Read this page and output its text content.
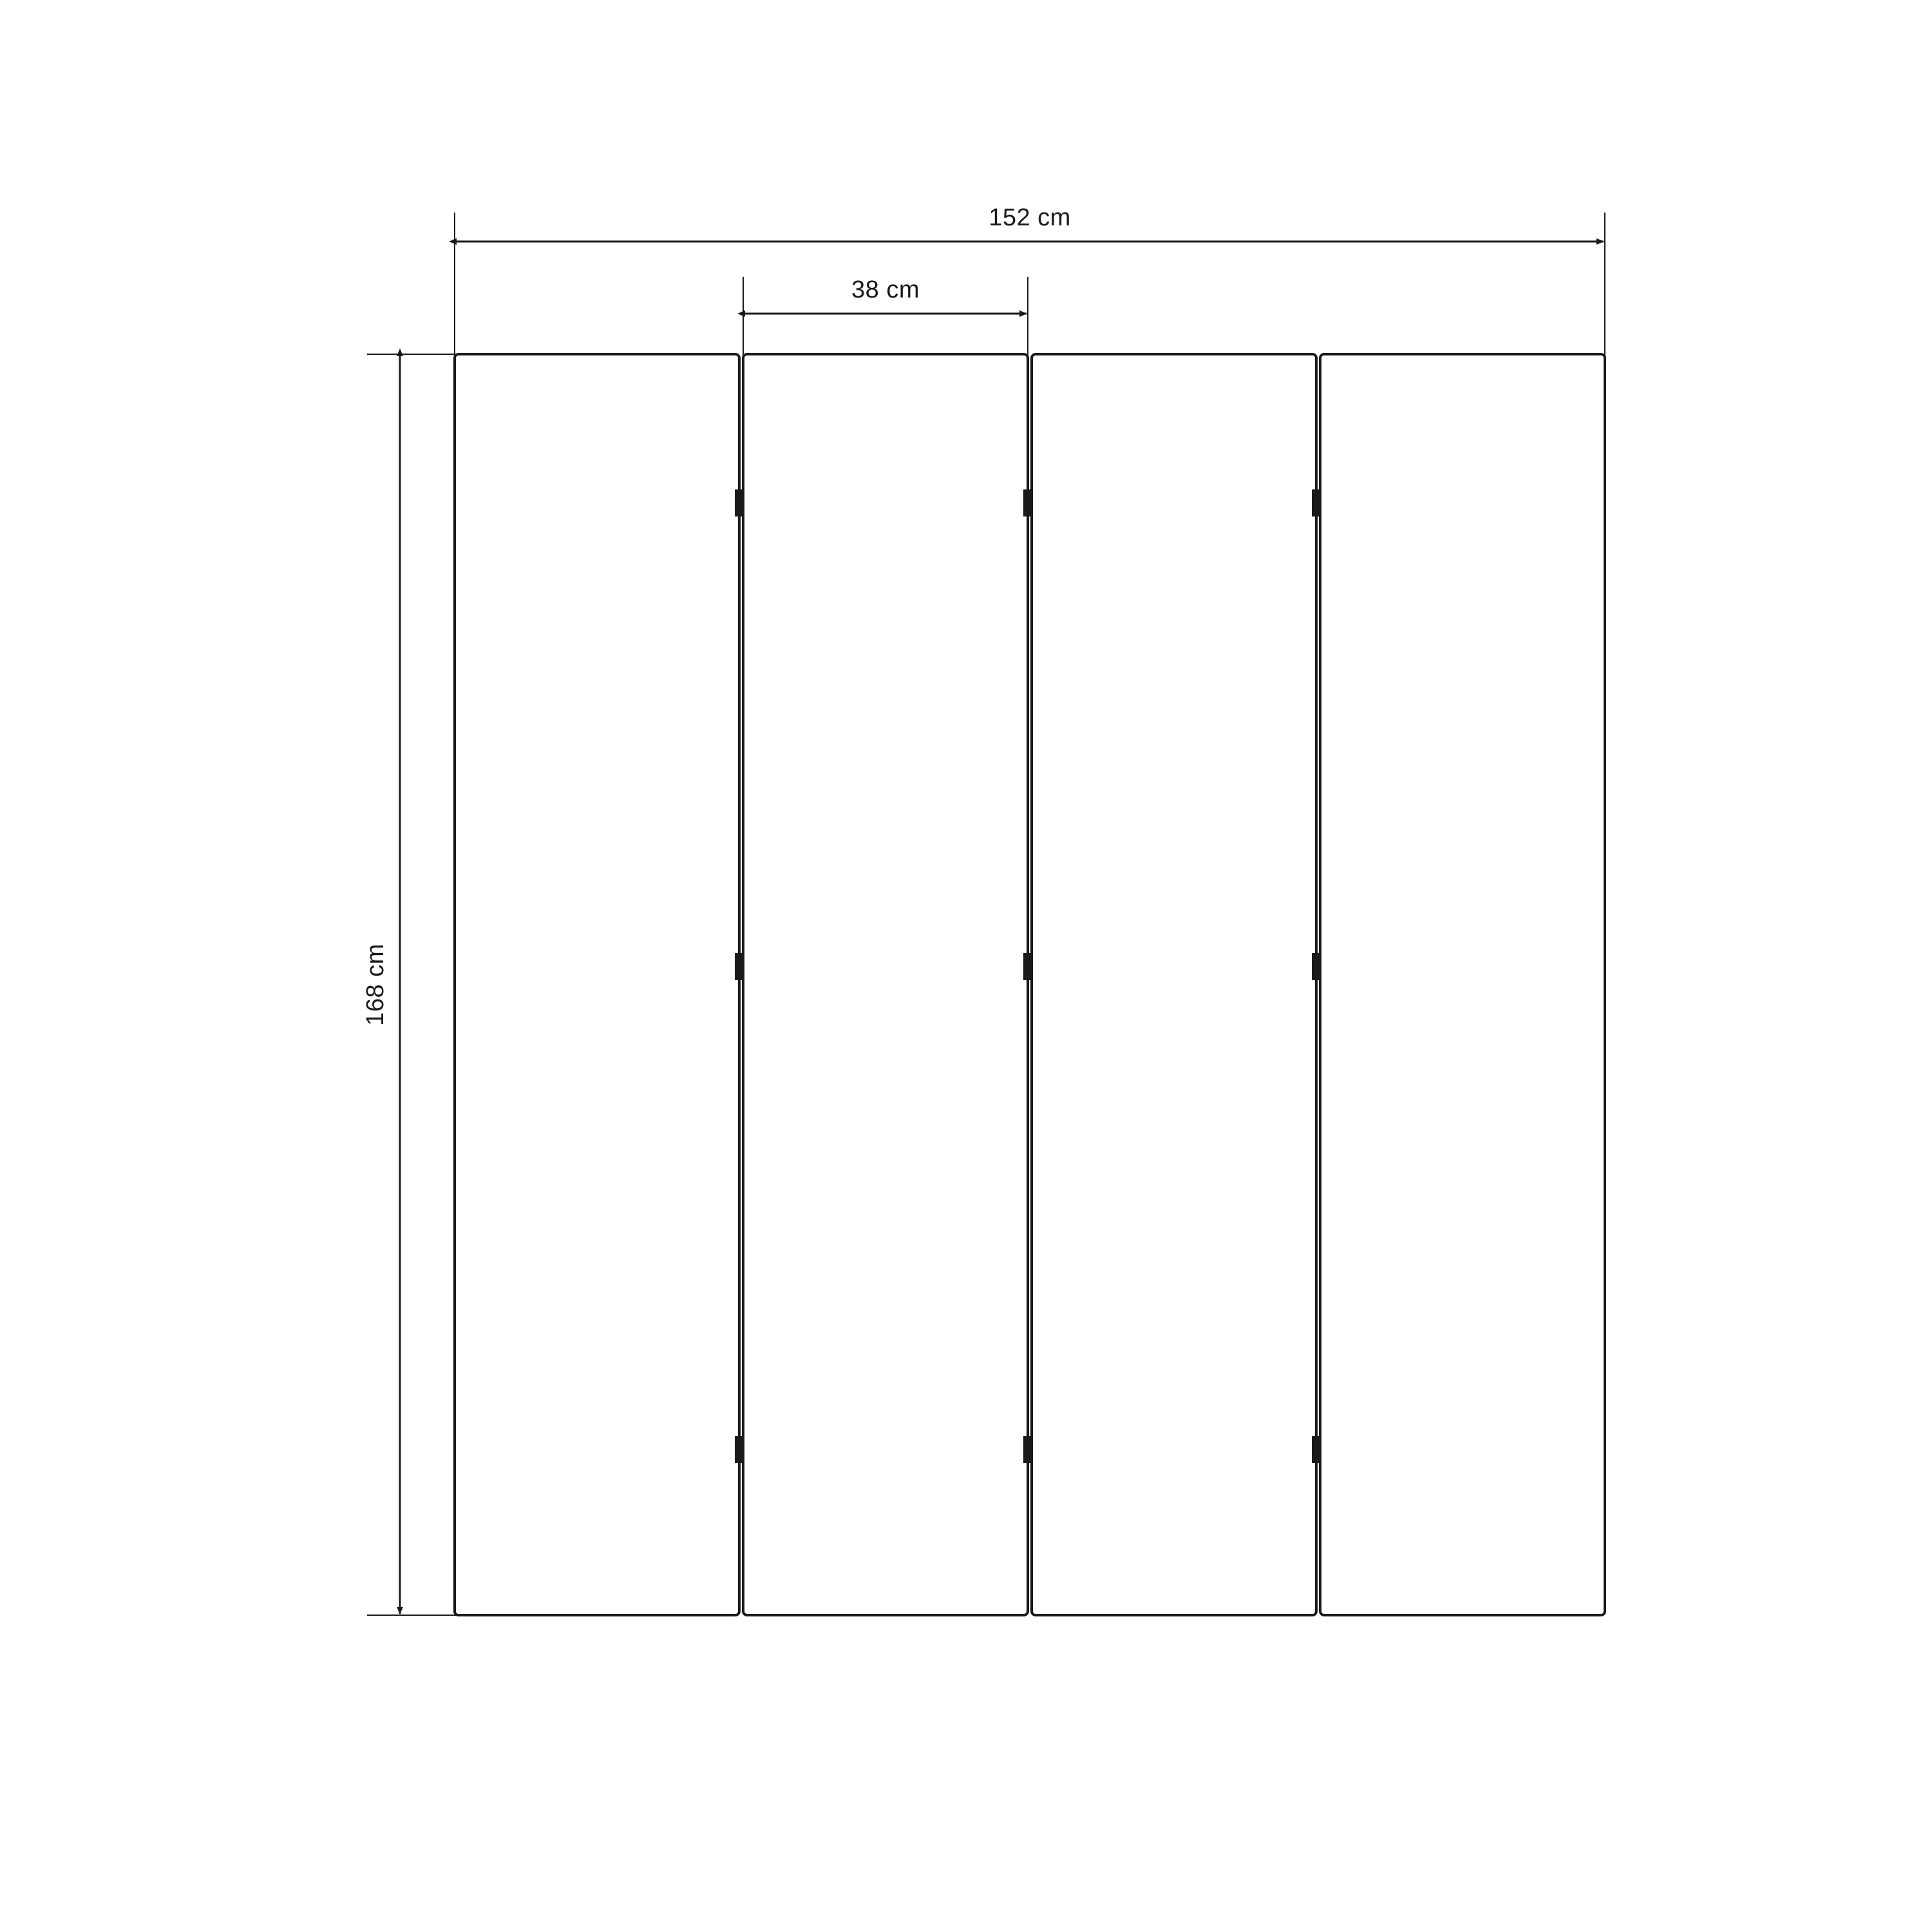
152 cm
38 cm
168 cm
